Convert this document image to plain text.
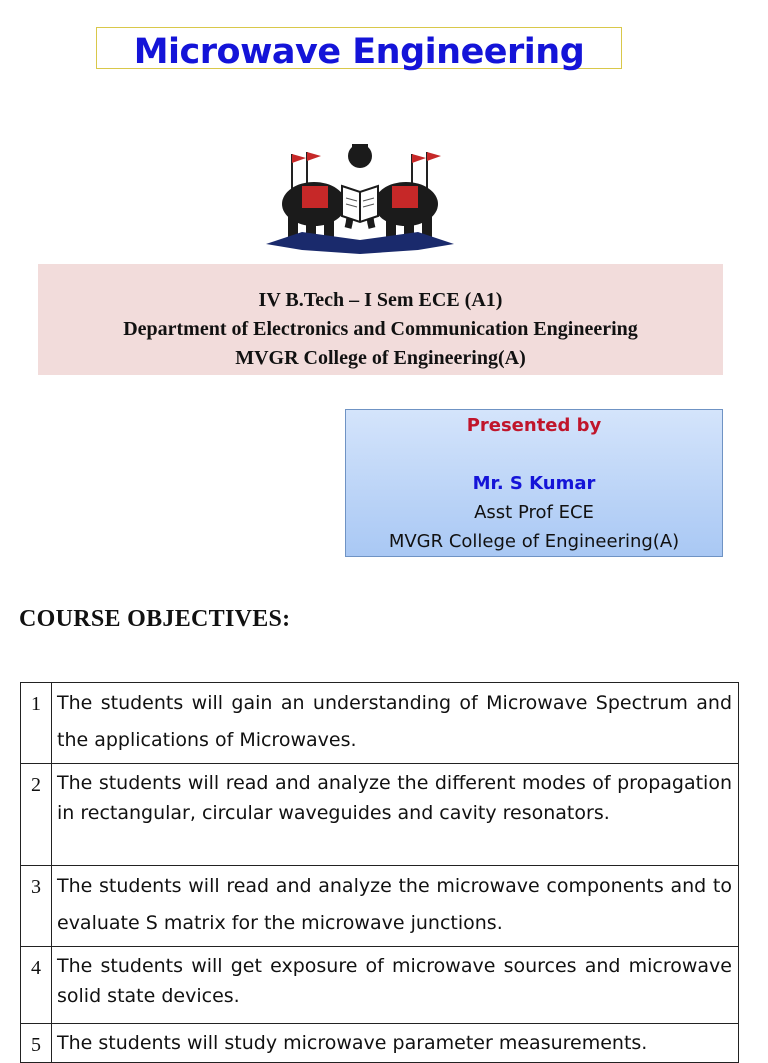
Microwave Engineering
IV B.Tech – I Sem ECE (A1)
Department of Electronics and Communication Engineering
MVGR College of Engineering(A)
Presented by
Mr. S Kumar
Asst Prof ECE
MVGR College of Engineering(A)
COURSE OBJECTIVES:
1	The students will gain an understanding of Microwave Spectrum and the applications of Microwaves.
2	The students will read and analyze the different modes of propagation in rectangular, circular waveguides and cavity resonators.
3	The students will read and analyze the microwave components and to evaluate S matrix for the microwave junctions.
4	The students will get exposure of microwave sources and microwave solid state devices.
5	The students will study microwave parameter measurements.
